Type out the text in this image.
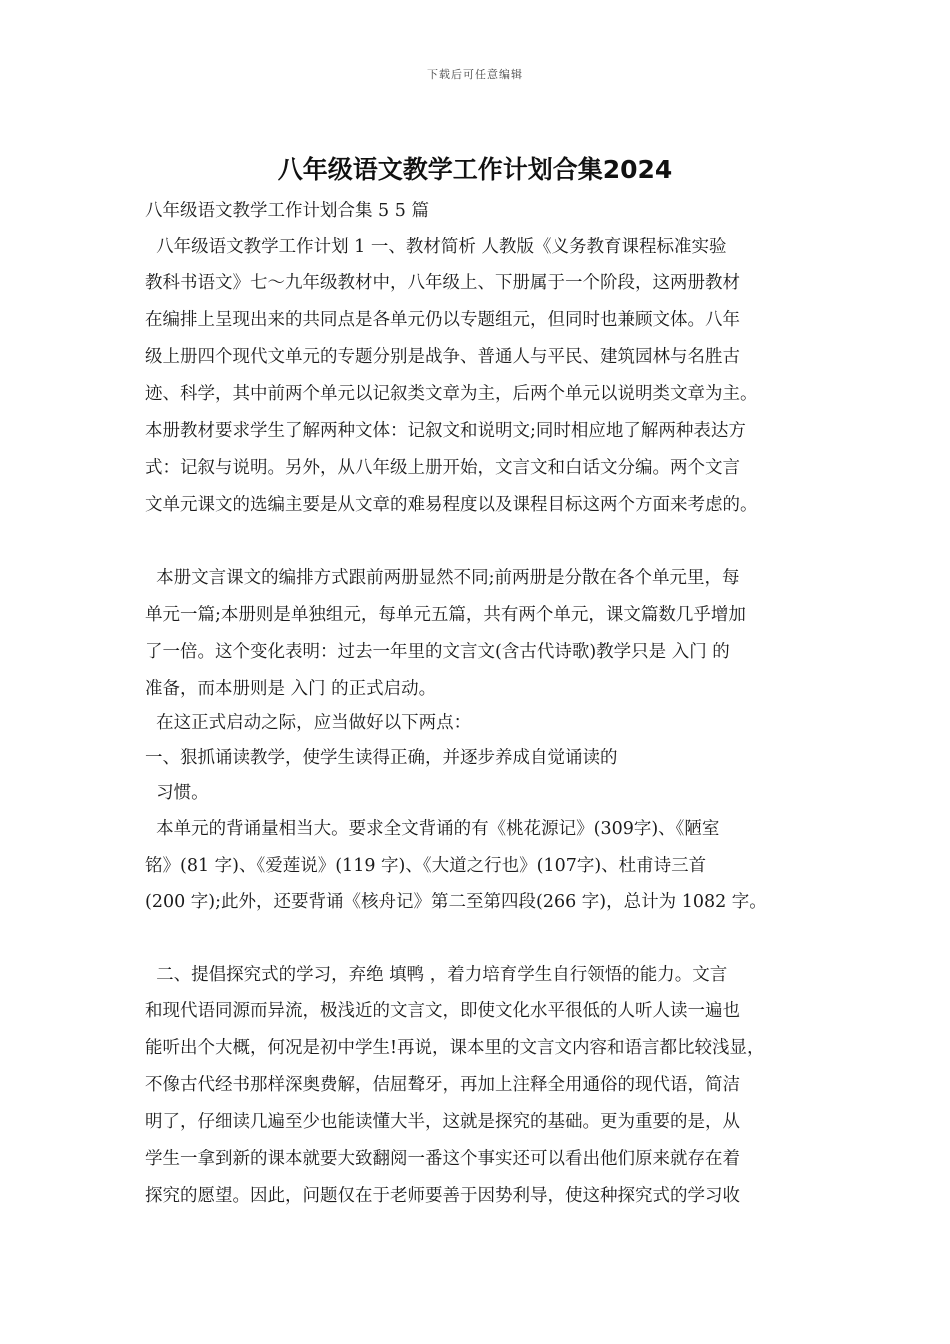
下载后可任意编辑
八年级语文教学工作计划合集2024
八年级语文教学工作计划合集 5 5 篇
八年级语文教学工作计划 1 一、教材简析 人教版《义务教育课程标准实验
教科书语文》七～九年级教材中，八年级上、下册属于一个阶段，这两册教材
在编排上呈现出来的共同点是各单元仍以专题组元，但同时也兼顾文体。八年
级上册四个现代文单元的专题分别是战争、普通人与平民、建筑园林与名胜古
迹、科学，其中前两个单元以记叙类文章为主，后两个单元以说明类文章为主。
本册教材要求学生了解两种文体：记叙文和说明文;同时相应地了解两种表达方
式：记叙与说明。另外，从八年级上册开始，文言文和白话文分编。两个文言
文单元课文的选编主要是从文章的难易程度以及课程目标这两个方面来考虑的。
本册文言课文的编排方式跟前两册显然不同;前两册是分散在各个单元里，每
单元一篇;本册则是单独组元，每单元五篇，共有两个单元，课文篇数几乎增加
了一倍。这个变化表明：过去一年里的文言文(含古代诗歌)教学只是 入门 的
准备，而本册则是 入门 的正式启动。
在这正式启动之际，应当做好以下两点：
一、狠抓诵读教学，使学生读得正确，并逐步养成自觉诵读的
习惯。
本单元的背诵量相当大。要求全文背诵的有《桃花源记》(309字)、《陋室
铭》(81 字)、《爱莲说》(119 字)、《大道之行也》(107字)、杜甫诗三首
(200 字);此外，还要背诵《核舟记》第二至第四段(266 字)，总计为 1082 字。
二、提倡探究式的学习，弃绝 填鸭 ，着力培育学生自行领悟的能力。文言
和现代语同源而异流，极浅近的文言文，即使文化水平很低的人听人读一遍也
能听出个大概，何况是初中学生!再说，课本里的文言文内容和语言都比较浅显，
不像古代经书那样深奥费解，佶屈聱牙，再加上注释全用通俗的现代语，简洁
明了，仔细读几遍至少也能读懂大半，这就是探究的基础。更为重要的是，从
学生一拿到新的课本就要大致翻阅一番这个事实还可以看出他们原来就存在着
探究的愿望。因此，问题仅在于老师要善于因势利导，使这种探究式的学习收
